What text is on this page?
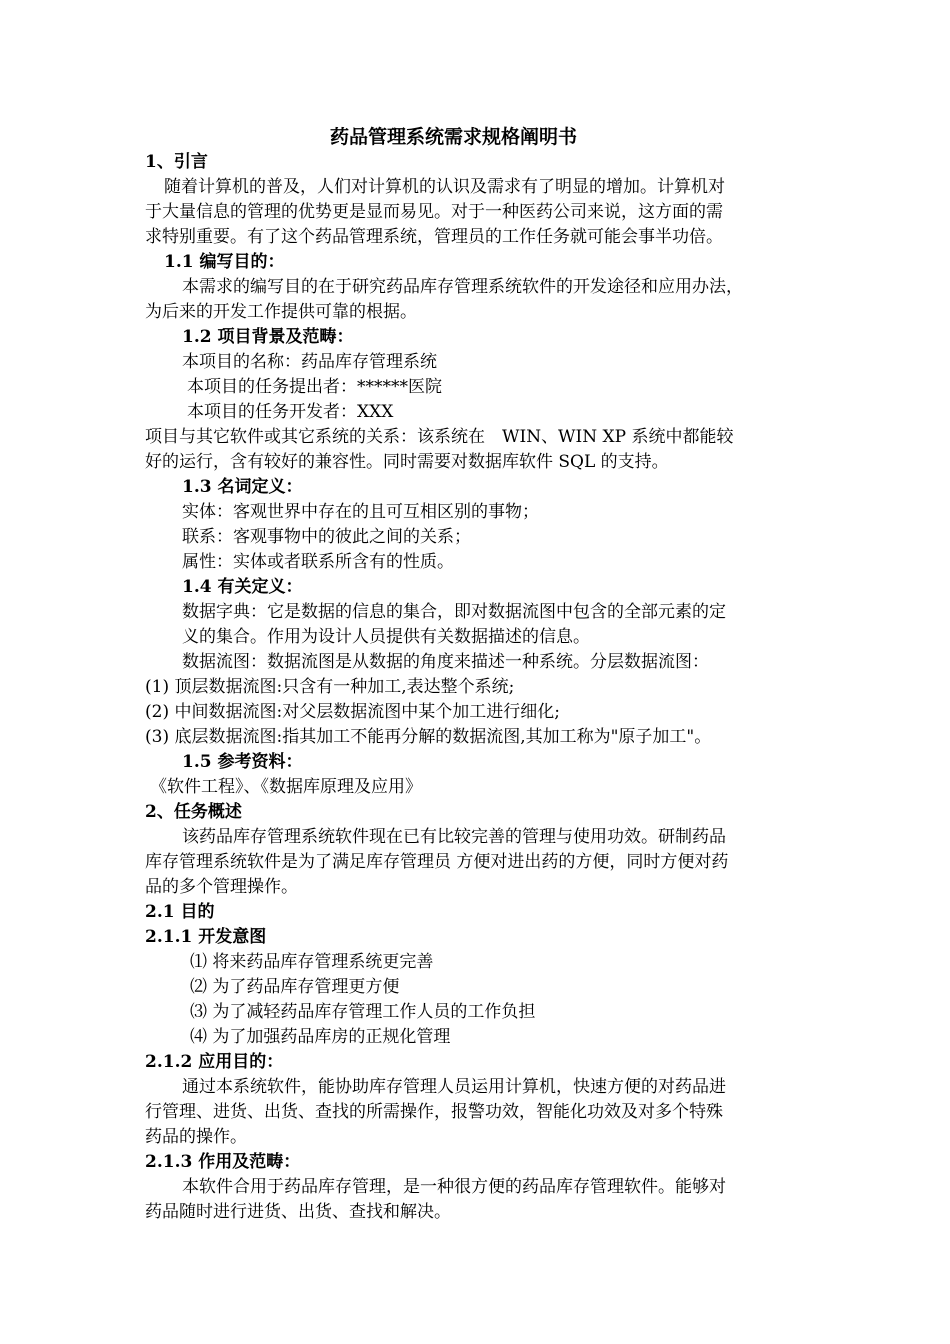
药品管理系统需求规格阐明书
1、引言
随着计算机的普及，人们对计算机的认识及需求有了明显的增加。计算机对
于大量信息的管理的优势更是显而易见。对于一种医药公司来说，这方面的需
求特别重要。有了这个药品管理系统，管理员的工作任务就可能会事半功倍。
1.1 编写目的：
本需求的编写目的在于研究药品库存管理系统软件的开发途径和应用办法，
为后来的开发工作提供可靠的根据。
1.2 项目背景及范畴：
本项目的名称：药品库存管理系统
本项目的任务提出者：******医院
本项目的任务开发者：XXX
项目与其它软件或其它系统的关系：该系统在　WIN、WIN XP 系统中都能较
好的运行，含有较好的兼容性。同时需要对数据库软件 SQL 的支持。
1.3 名词定义：
实体：客观世界中存在的且可互相区别的事物；
联系：客观事物中的彼此之间的关系；
属性：实体或者联系所含有的性质。
1.4 有关定义：
数据字典：它是数据的信息的集合，即对数据流图中包含的全部元素的定
义的集合。作用为设计人员提供有关数据描述的信息。
数据流图：数据流图是从数据的角度来描述一种系统。分层数据流图：
(1) 顶层数据流图:只含有一种加工,表达整个系统;
(2) 中间数据流图:对父层数据流图中某个加工进行细化;
(3) 底层数据流图:指其加工不能再分解的数据流图,其加工称为"原子加工"。
1.5 参考资料：
《软件工程》、《数据库原理及应用》
2、任务概述
该药品库存管理系统软件现在已有比较完善的管理与使用功效。研制药品
库存管理系统软件是为了满足库存管理员 方便对进出药的方便，同时方便对药
品的多个管理操作。
2.1 目的
2.1.1 开发意图
⑴ 将来药品库存管理系统更完善
⑵ 为了药品库存管理更方便
⑶ 为了减轻药品库存管理工作人员的工作负担
⑷ 为了加强药品库房的正规化管理
2.1.2 应用目的：
通过本系统软件，能协助库存管理人员运用计算机，快速方便的对药品进
行管理、进货、出货、查找的所需操作，报警功效，智能化功效及对多个特殊
药品的操作。
2.1.3 作用及范畴：
本软件合用于药品库存管理，是一种很方便的药品库存管理软件。能够对
药品随时进行进货、出货、查找和解决。
